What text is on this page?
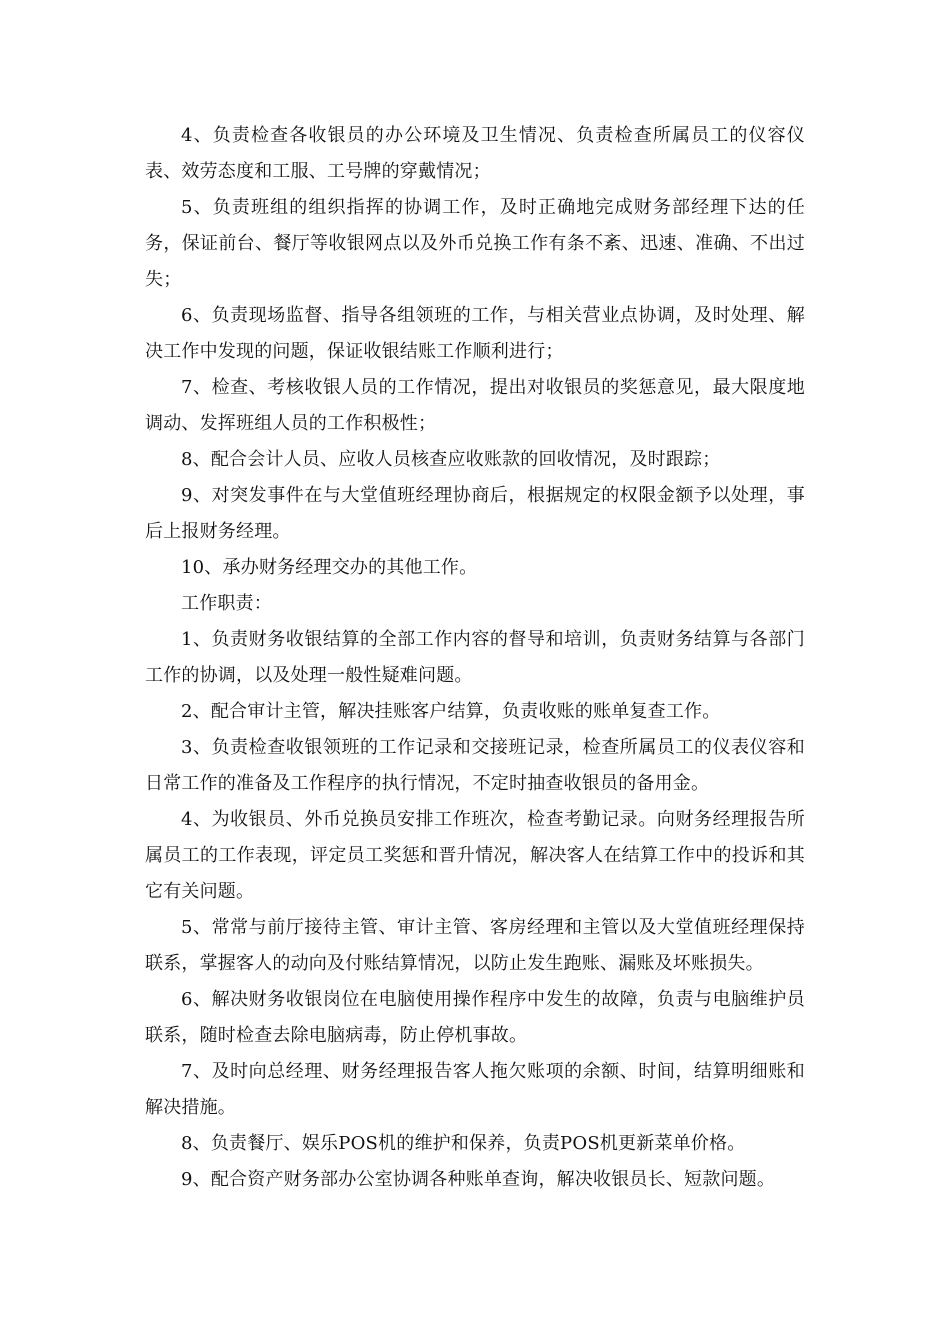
4、负责检查各收银员的办公环境及卫生情况、负责检查所属员工的仪容仪表、效劳态度和工服、工号牌的穿戴情况；

5、负责班组的组织指挥的协调工作，及时正确地完成财务部经理下达的任务，保证前台、餐厅等收银网点以及外币兑换工作有条不紊、迅速、准确、不出过失；

6、负责现场监督、指导各组领班的工作，与相关营业点协调，及时处理、解决工作中发现的问题，保证收银结账工作顺利进行；

7、检查、考核收银人员的工作情况，提出对收银员的奖惩意见，最大限度地调动、发挥班组人员的工作积极性；

8、配合会计人员、应收人员核查应收账款的回收情况，及时跟踪；

9、对突发事件在与大堂值班经理协商后，根据规定的权限金额予以处理，事后上报财务经理。

10、承办财务经理交办的其他工作。

工作职责：

1、负责财务收银结算的全部工作内容的督导和培训，负责财务结算与各部门工作的协调，以及处理一般性疑难问题。

2、配合审计主管，解决挂账客户结算，负责收账的账单复查工作。

3、负责检查收银领班的工作记录和交接班记录，检查所属员工的仪表仪容和日常工作的准备及工作程序的执行情况，不定时抽查收银员的备用金。

4、为收银员、外币兑换员安排工作班次，检查考勤记录。向财务经理报告所属员工的工作表现，评定员工奖惩和晋升情况，解决客人在结算工作中的投诉和其它有关问题。

5、常常与前厅接待主管、审计主管、客房经理和主管以及大堂值班经理保持联系，掌握客人的动向及付账结算情况，以防止发生跑账、漏账及坏账损失。

6、解决财务收银岗位在电脑使用操作程序中发生的故障，负责与电脑维护员联系，随时检查去除电脑病毒，防止停机事故。

7、及时向总经理、财务经理报告客人拖欠账项的余额、时间，结算明细账和解决措施。

8、负责餐厅、娱乐POS机的维护和保养，负责POS机更新菜单价格。

9、配合资产财务部办公室协调各种账单查询，解决收银员长、短款问题。
